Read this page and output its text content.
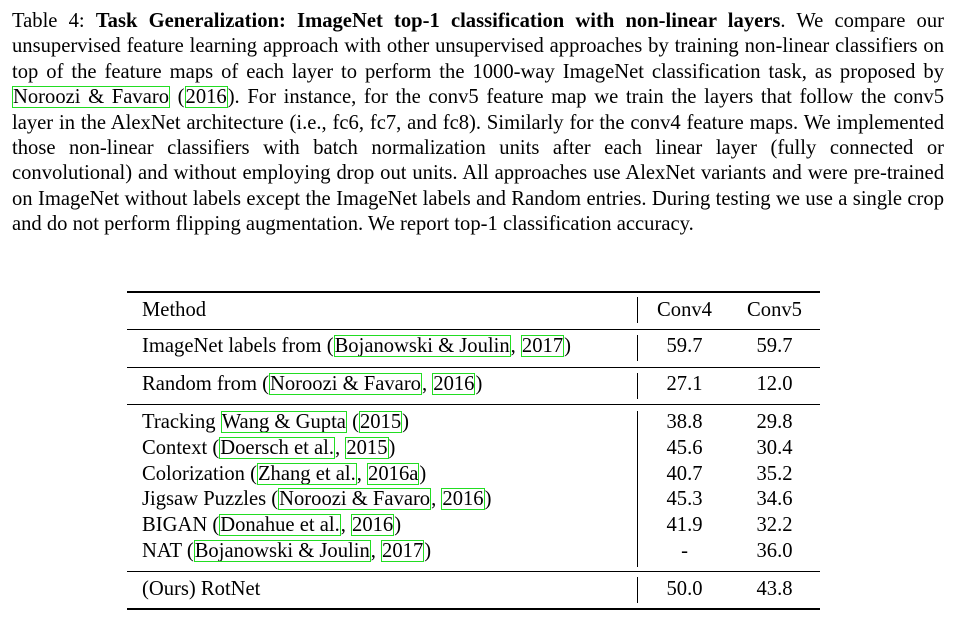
Table 4: Task Generalization: ImageNet top-1 classification with non-linear layers. We compare our unsupervised feature learning approach with other unsupervised approaches by training non-linear classifiers on top of the feature maps of each layer to perform the 1000-way ImageNet classification task, as proposed by Noroozi & Favaro (2016). For instance, for the conv5 feature map we train the layers that follow the conv5 layer in the AlexNet architecture (i.e., fc6, fc7, and fc8). Similarly for the conv4 feature maps. We implemented those non-linear classifiers with batch normalization units after each linear layer (fully connected or convolutional) and without employing drop out units. All approaches use AlexNet variants and were pre-trained on ImageNet without labels except the ImageNet labels and Random entries. During testing we use a single crop and do not perform flipping augmentation. We report top-1 classification accuracy.
Method	Conv4	Conv5
ImageNet labels from (Bojanowski & Joulin, 2017)	59.7	59.7
Random from (Noroozi & Favaro, 2016)	27.1	12.0
Tracking Wang & Gupta (2015)	38.8	29.8
Context (Doersch et al., 2015)	45.6	30.4
Colorization (Zhang et al., 2016a)	40.7	35.2
Jigsaw Puzzles (Noroozi & Favaro, 2016)	45.3	34.6
BIGAN (Donahue et al., 2016)	41.9	32.2
NAT (Bojanowski & Joulin, 2017)	-	36.0
(Ours) RotNet	50.0	43.8
